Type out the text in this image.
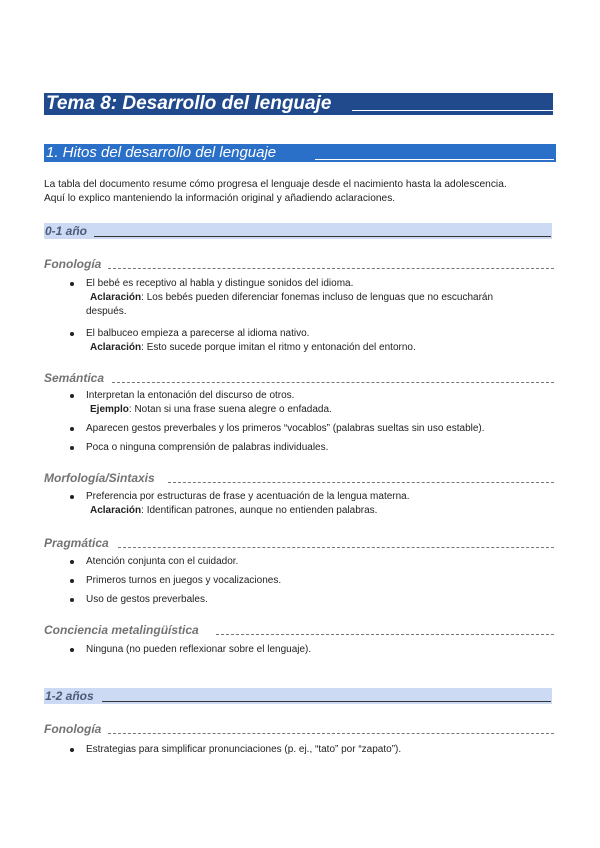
Tema 8: Desarrollo del lenguaje
1. Hitos del desarrollo del lenguaje

La tabla del documento resume cómo progresa el lenguaje desde el nacimiento hasta la adolescencia.

Aquí lo explico manteniendo la información original y añadiendo aclaraciones.

0-1 año
Fonología
El bebé es receptivo al habla y distingue sonidos del idioma.
Aclaración: Los bebés pueden diferenciar fonemas incluso de lenguas que no escucharán
después.
El balbuceo empieza a parecerse al idioma nativo.
Aclaración: Esto sucede porque imitan el ritmo y entonación del entorno.
Semántica
Interpretan la entonación del discurso de otros.
Ejemplo: Notan si una frase suena alegre o enfadada.
Aparecen gestos preverbales y los primeros “vocablos” (palabras sueltas sin uso estable).
Poca o ninguna comprensión de palabras individuales.
Morfología/Sintaxis
Preferencia por estructuras de frase y acentuación de la lengua materna.
Aclaración: Identifican patrones, aunque no entienden palabras.
Pragmática
Atención conjunta con el cuidador.
Primeros turnos en juegos y vocalizaciones.
Uso de gestos preverbales.
Conciencia metalingüística
Ninguna (no pueden reflexionar sobre el lenguaje).
1-2 años
Fonología
Estrategias para simplificar pronunciaciones (p. ej., “tato” por “zapato”).
